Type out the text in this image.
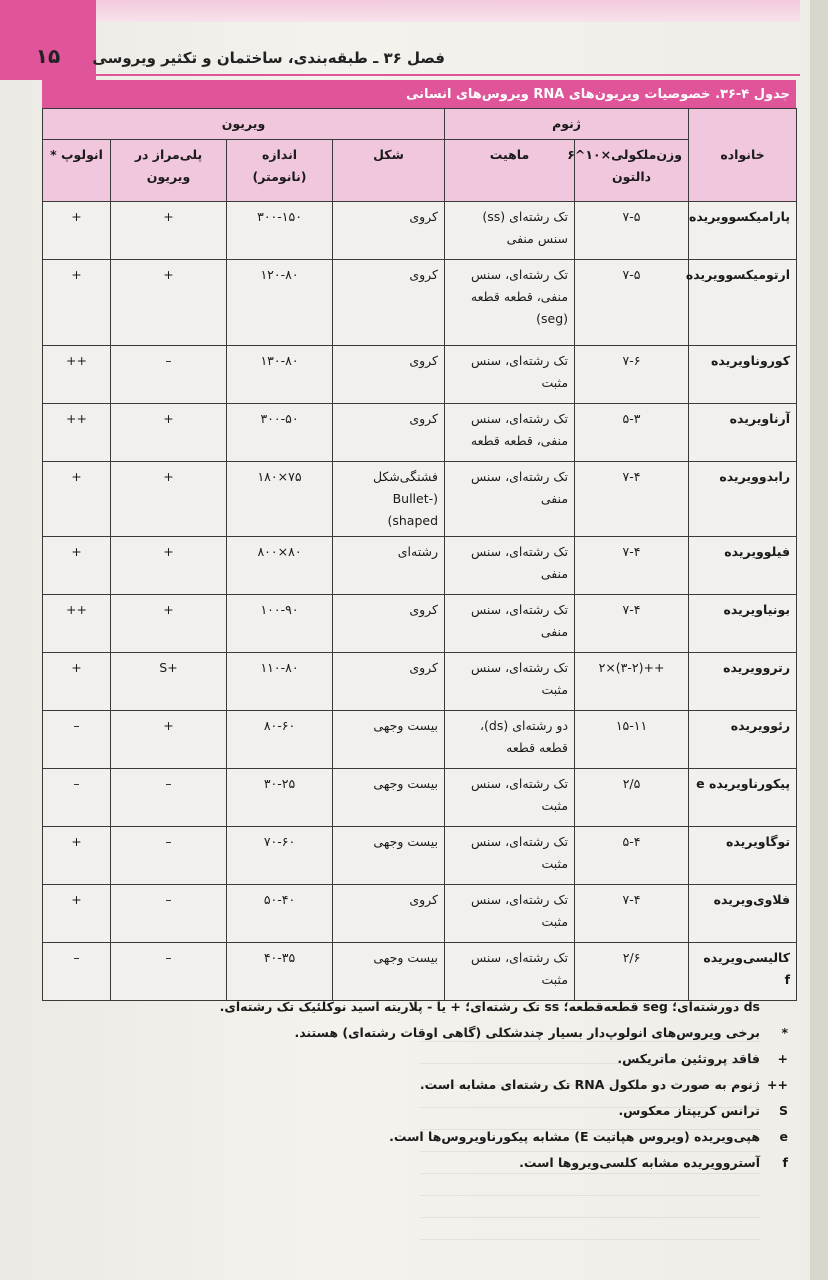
۱۵	فصل ۳۶ ـ طبقه‌بندی، ساختمان و تکثیر ویروسی
جدول ۴-۳۶. خصوصیات ویریون‌های RNA ویروس‌های انسانی
خانواده	ژنوم		ویریون			
	وزن‌ملکولی×۱۰^۶ دالتون	ماهیت	شکل	اندازه (نانومتر)	پلی‌مراز در ویریون	انولوپ *
پارامیکسوویریده	۷-۵	تک رشته‌ای (ss) سنس منفی	کروی	۳۰۰-۱۵۰	+	+
ارتومیکسوویریده	۷-۵	تک رشته‌ای، سنس منفی، قطعه قطعه (seg)	کروی	۱۲۰-۸۰	+	+
کوروناویریده	۷-۶	تک رشته‌ای، سنس مثبت	کروی	۱۳۰-۸۰	–	++
آرناویریده	۵-۳	تک رشته‌ای، سنس منفی، قطعه قطعه	کروی	۳۰۰-۵۰	+	++
رابدوویریده	۷-۴	تک رشته‌ای، سنس منفی	فشنگی‌شکل (Bullet- shaped)	۷۵×۱۸۰	+	+
فیلوویریده	۷-۴	تک رشته‌ای، سنس منفی	رشته‌ای	۸۰×۸۰۰	+	+
بونیاویریده	۷-۴	تک رشته‌ای، سنس منفی	کروی	۱۰۰-۹۰	+	++
رتروویریده	++(۳-۲)×۲	تک رشته‌ای، سنس مثبت	کروی	۱۱۰-۸۰	+S	+
رئوویریده	۱۵-۱۱	دو رشته‌ای (ds)، قطعه قطعه	بیست وجهی	۸۰-۶۰	+	–
پیکورناویریده e	۲/۵	تک رشته‌ای، سنس مثبت	بیست وجهی	۳۰-۲۵	–	–
توگاویریده	۵-۴	تک رشته‌ای، سنس مثبت	بیست وجهی	۷۰-۶۰	–	+
فلاوی‌ویریده	۷-۴	تک رشته‌ای، سنس مثبت	کروی	۵۰-۴۰	–	+
کالیسی‌ویریده f	۲/۶	تک رشته‌ای، سنس مثبت	بیست وجهی	۴۰-۳۵	–	–
ds دورشته‌ای؛ seg قطعه‌قطعه؛ ss تک رشته‌ای؛ + یا - پلاریته اسید نوکلئیک تک رشته‌ای.
*برخی ویروس‌های انولوپ‌دار بسیار چندشکلی (گاهی اوقات رشته‌ای) هستند.
+فاقد پروتئین ماتریکس.
++ژنوم به صورت دو ملکول RNA تک رشته‌ای مشابه است.
Sترانس کریپتاز معکوس.
eهپی‌ویریده (ویروس هپاتیت E) مشابه پیکورناویروس‌ها است.
fآستروویریده مشابه کلسی‌ویروها است.
